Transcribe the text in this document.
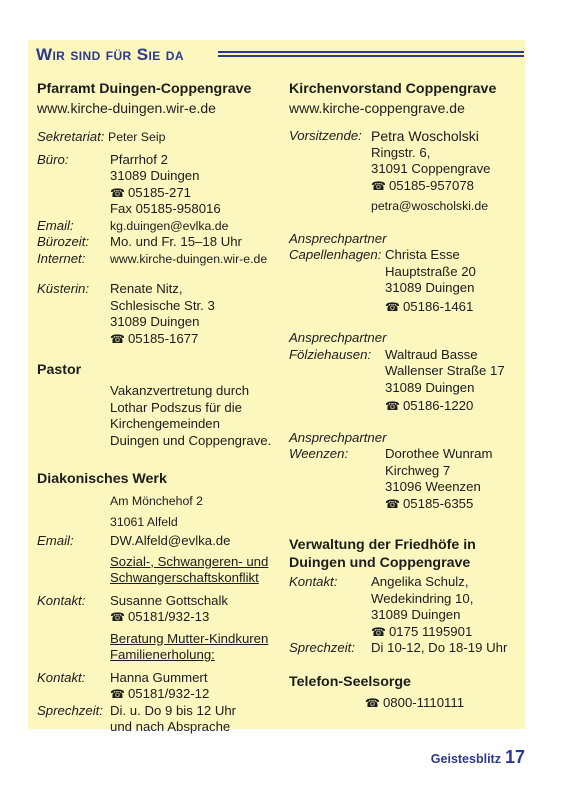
Wir sind für Sie da
Pfarramt Duingen-Coppengrave
www.kirche-duingen.wir-e.de
Sekretariat: Peter Seip
Büro:	Pfarrhof 2
31089 Duingen
☎ 05185-271
Fax 05185-958016
Email:	kg.duingen@evlka.de
Bürozeit:	Mo. und Fr. 15–18 Uhr
Internet:	www.kirche-duingen.wir-e.de
Küsterin:	Renate Nitz,
Schlesische Str. 3
31089 Duingen
☎ 05185-1677
Pastor
Vakanzvertretung durch
Lothar Podszus für die
Kirchengemeinden
Duingen und Coppengrave.
Diakonisches Werk
Am Mönchehof 2
31061 Alfeld
Email:	DW.Alfeld@evlka.de
Sozial-, Schwangeren- und
Schwangerschaftskonflikt
Kontakt:	Susanne Gottschalk
☎ 05181/932-13
Beratung Mutter-Kindkuren
Familienerholung:
Kontakt:	Hanna Gummert
☎ 05181/932-12
Sprechzeit: Di. u. Do 9 bis 12 Uhr
und nach Absprache
Kirchenvorstand Coppengrave
www.kirche-coppengrave.de
Vorsitzende: Petra Woscholski
Ringstr. 6,
31091 Coppengrave
☎ 05185-957078
petra@woscholski.de
Ansprechpartner
Capellenhagen: Christa Esse
Hauptstraße 20
31089 Duingen
☎ 05186-1461
Ansprechpartner
Fölziehausen:	Waltraud Basse
Wallenser Straße 17
31089 Duingen
☎ 05186-1220
Ansprechpartner
Weenzen:	Dorothee Wunram
Kirchweg 7
31096 Weenzen
☎ 05185-6355
Verwaltung der Friedhöfe in
Duingen und Coppengrave
Kontakt:	Angelika Schulz,
Wedekindring 10,
31089 Duingen
☎ 0175 1195901
Sprechzeit:	Di 10-12, Do 18-19 Uhr
Telefon-Seelsorge
☎ 0800-1110111
Geistesblitz 17
